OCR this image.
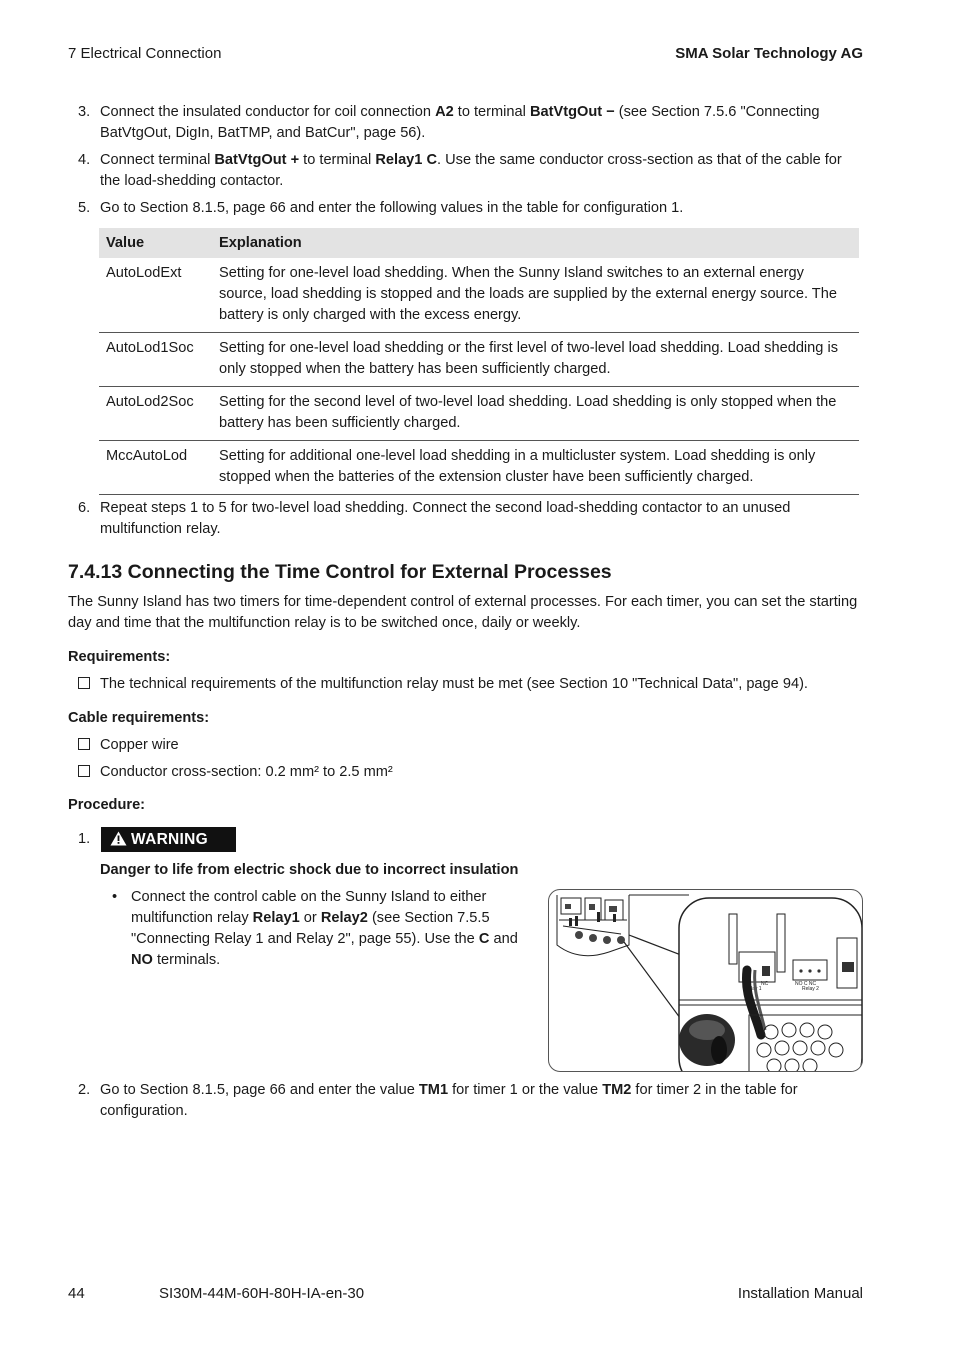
7 Electrical Connection	SMA Solar Technology AG
3. Connect the insulated conductor for coil connection A2 to terminal BatVtgOut − (see Section 7.5.6 "Connecting BatVtgOut, DigIn, BatTMP, and BatCur", page 56).
4. Connect terminal BatVtgOut + to terminal Relay1 C. Use the same conductor cross-section as that of the cable for the load-shedding contactor.
5. Go to Section 8.1.5, page 66 and enter the following values in the table for configuration 1.
Value	Explanation
AutoLodExt	Setting for one-level load shedding. When the Sunny Island switches to an external energy source, load shedding is stopped and the loads are supplied by the external energy source. The battery is only charged with the excess energy.
AutoLod1Soc	Setting for one-level load shedding or the first level of two-level load shedding. Load shedding is only stopped when the battery has been sufficiently charged.
AutoLod2Soc	Setting for the second level of two-level load shedding. Load shedding is only stopped when the battery has been sufficiently charged.
MccAutoLod	Setting for additional one-level load shedding in a multicluster system. Load shedding is only stopped when the batteries of the extension cluster have been sufficiently charged.
6. Repeat steps 1 to 5 for two-level load shedding. Connect the second load-shedding contactor to an unused multifunction relay.
7.4.13 Connecting the Time Control for External Processes
The Sunny Island has two timers for time-dependent control of external processes. For each timer, you can set the starting day and time that the multifunction relay is to be switched once, daily or weekly.
Requirements:
The technical requirements of the multifunction relay must be met (see Section 10 "Technical Data", page 94).
Cable requirements:
Copper wire
Conductor cross-section: 0.2 mm² to 2.5 mm²
Procedure:
1.	WARNING
Danger to life from electric shock due to incorrect insulation
• Connect the control cable on the Sunny Island to either multifunction relay Relay1 or Relay2 (see Section 7.5.5 "Connecting Relay 1 and Relay 2", page 55). Use the C and NO terminals.
NC
lay 1
NO C NC
Relay 2
2. Go to Section 8.1.5, page 66 and enter the value TM1 for timer 1 or the value TM2 for timer 2 in the table for configuration.
44	SI30M-44M-60H-80H-IA-en-30	Installation Manual
